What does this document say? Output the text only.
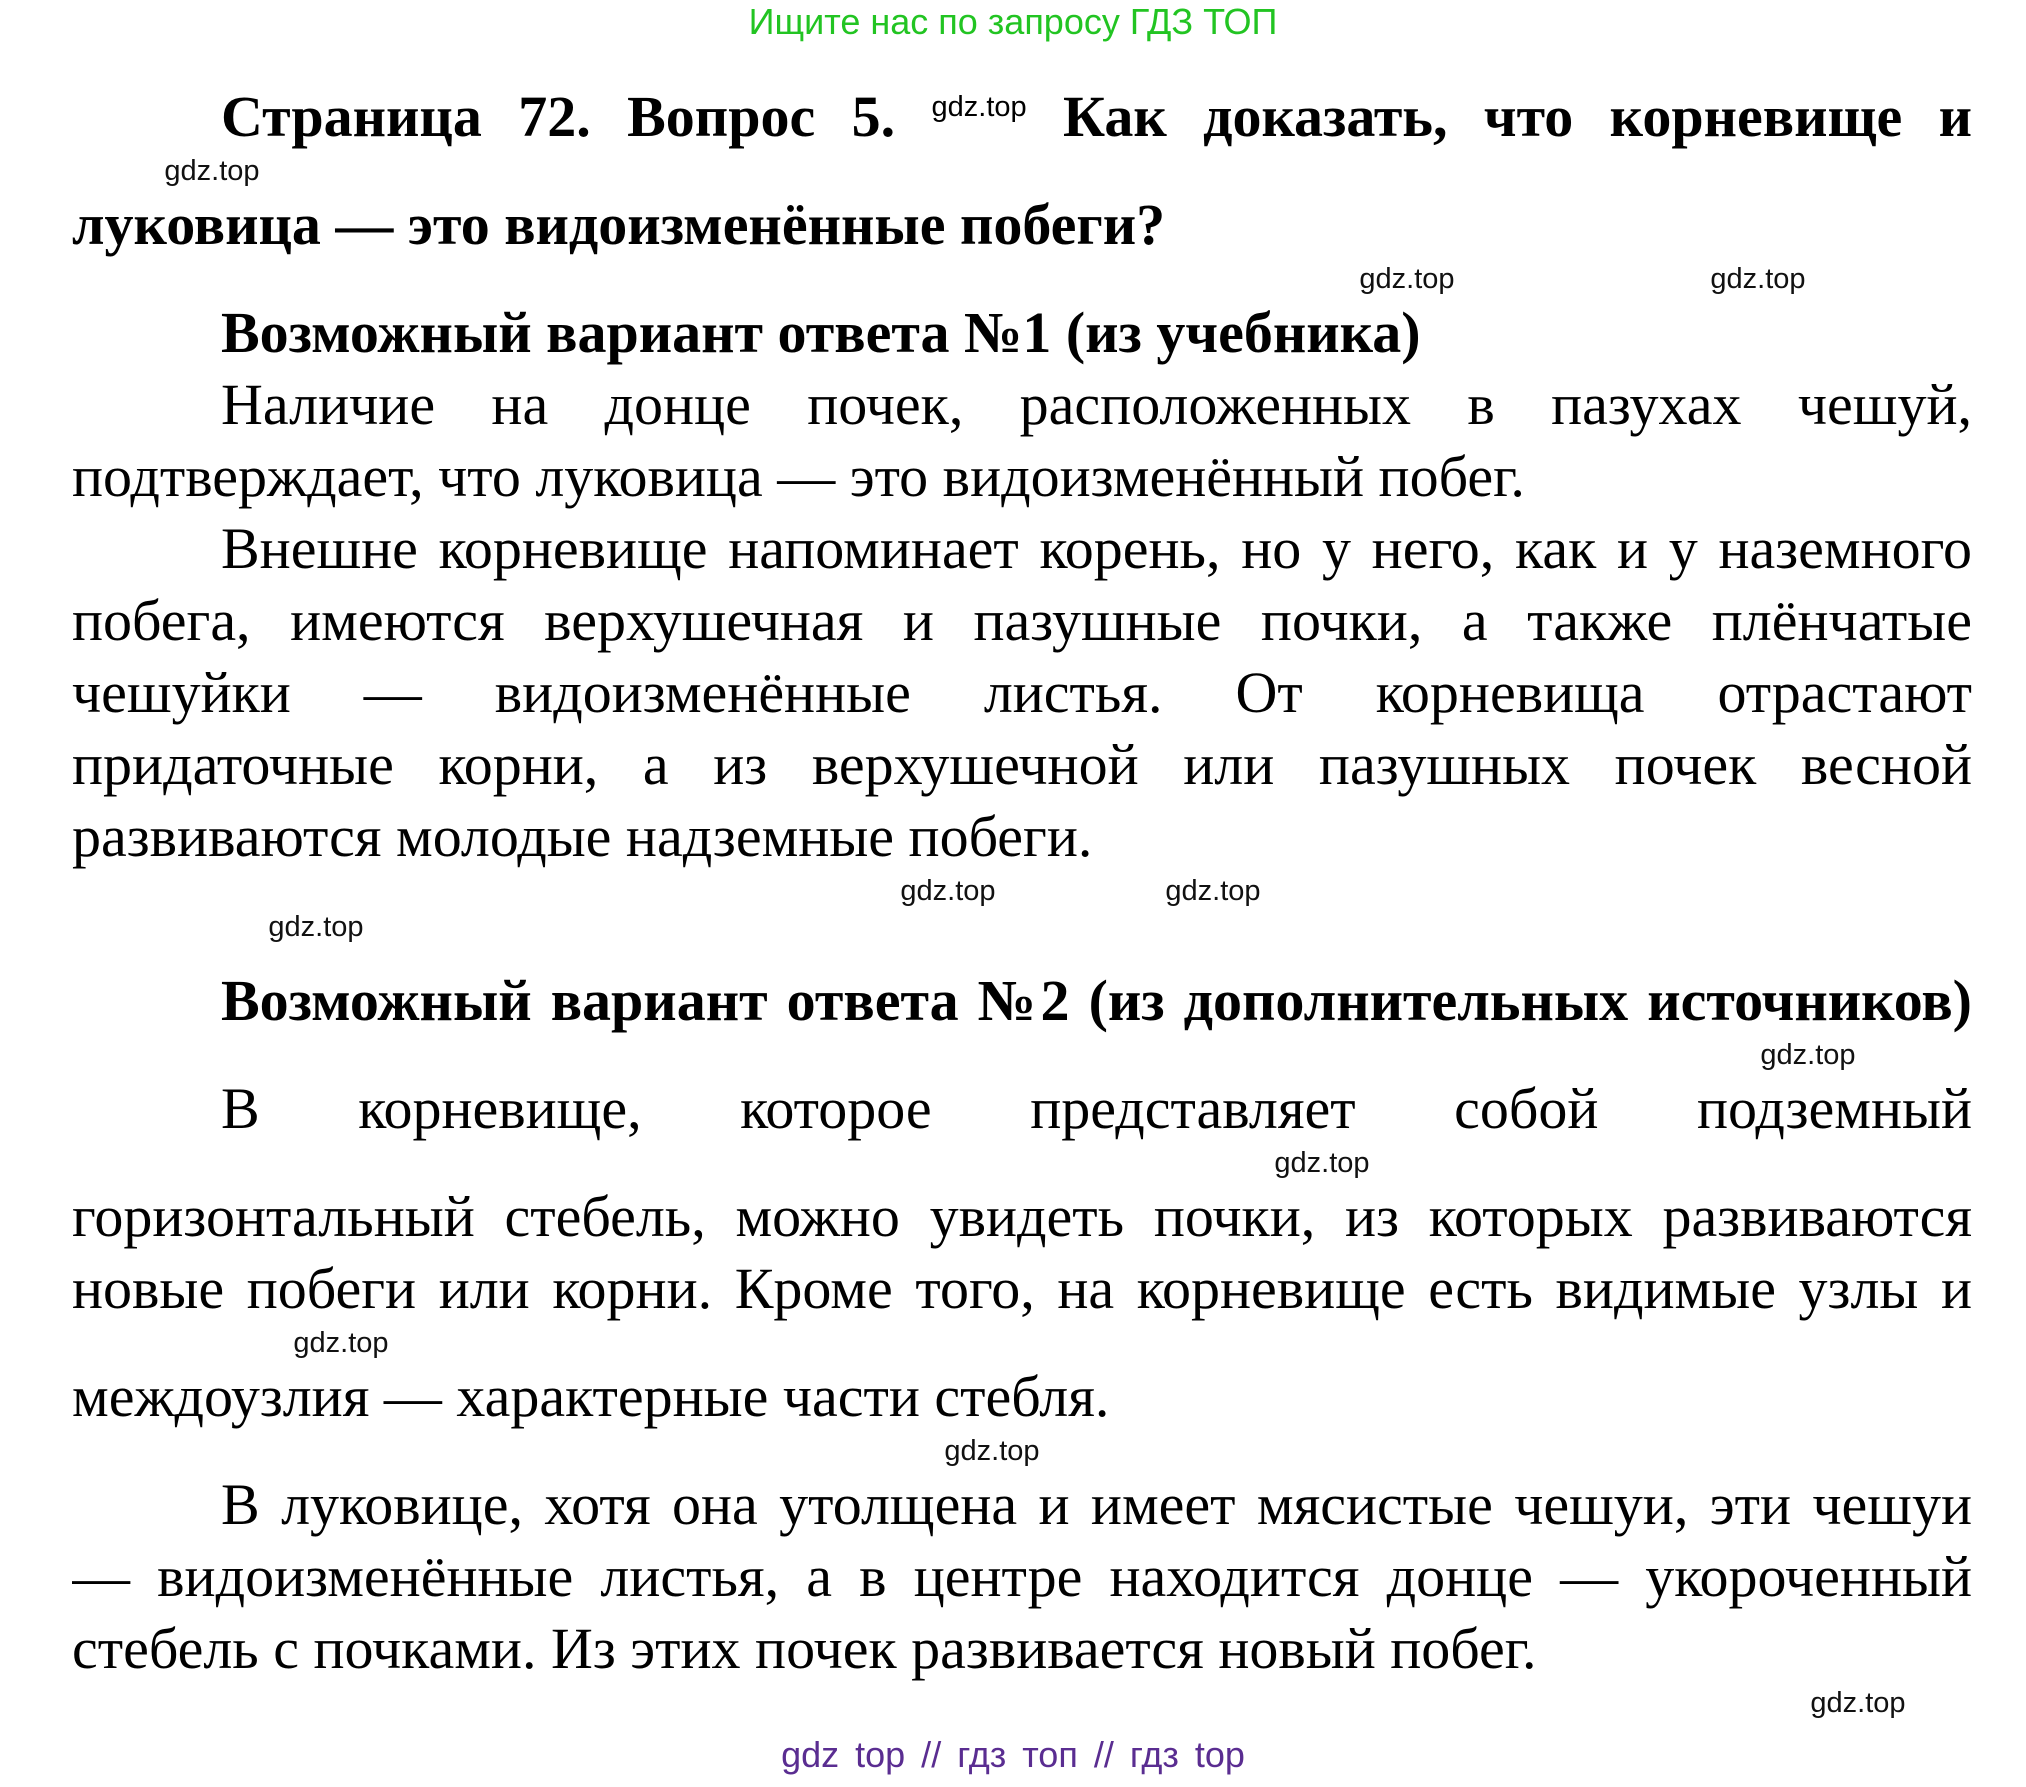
Ищите нас по запросу ГДЗ ТОП
Страница 72. Вопрос 5. $^{gdz.top}$ Как доказать, что корневище и
gdz.top
луковица — это видоизменённые побеги?
gdz.top	gdz.top
Возможный вариант ответа №1 (из учебника)
Наличие на донце почек, расположенных в пазухах чешуй,
подтверждает, что луковица — это видоизменённый побег.
Внешне корневище напоминает корень, но у него, как и у наземного
побега, имеются верхушечная и пазушные почки, а также плёнчатые
чешуйки — видоизменённые листья. От корневища отрастают
придаточные корни, а из верхушечной или пазушных почек весной
развиваются молодые надземные побеги.
gdz.top	gdz.top
gdz.top
Возможный вариант ответа №2 (из дополнительных источников)
gdz.top
В корневище, которое представляет собой подземный
gdz.top
горизонтальный стебель, можно увидеть почки, из которых развиваются
новые побеги или корни. Кроме того, на корневище есть видимые узлы и
gdz.top
междоузлия — характерные части стебля.
gdz.top
В луковице, хотя она утолщена и имеет мясистые чешуи, эти чешуи
— видоизменённые листья, а в центре находится донце — укороченный
стебель с почками. Из этих почек развивается новый побег.
gdz.top
gdz top // гдз топ // гдз top
